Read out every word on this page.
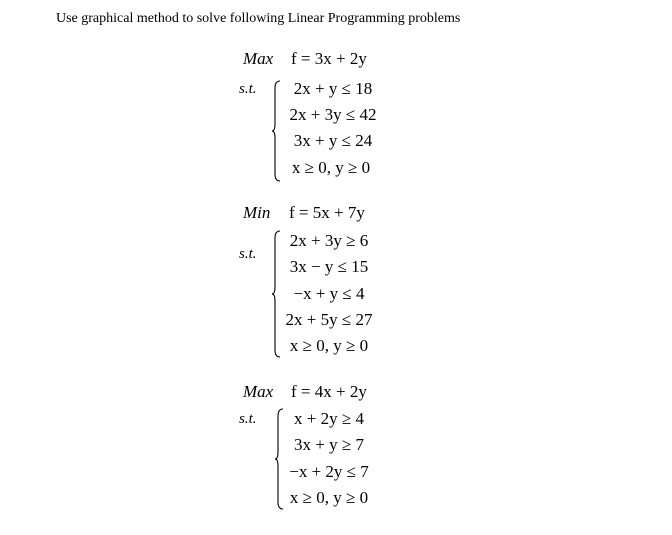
Use graphical method to solve following Linear Programming problems
Max f = 3x + 2y
s.t.	2x + y ≤ 18
2x + 3y ≤ 42
3x + y ≤ 24
x ≥ 0, y ≥ 0
Min f = 5x + 7y
s.t.
2x + 3y ≥ 6
3x − y ≤ 15
−x + y ≤ 4
2x + 5y ≤ 27
x ≥ 0, y ≥ 0
Max f = 4x + 2y
s.t.	x + 2y ≥ 4
3x + y ≥ 7
−x + 2y ≤ 7
x ≥ 0, y ≥ 0
